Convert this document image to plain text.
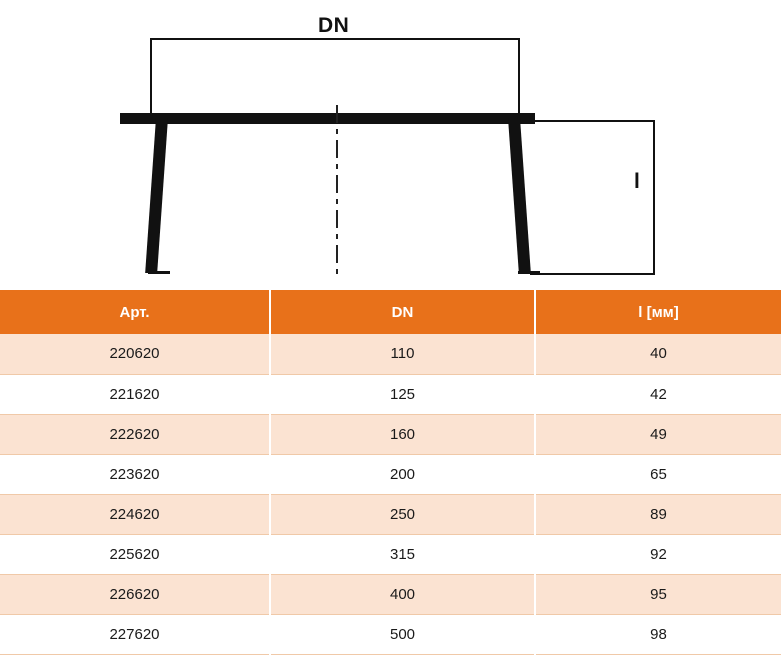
DN
l
Арт.	DN	l [мм]
220620	110	40
221620	125	42
222620	160	49
223620	200	65
224620	250	89
225620	315	92
226620	400	95
227620	500	98
